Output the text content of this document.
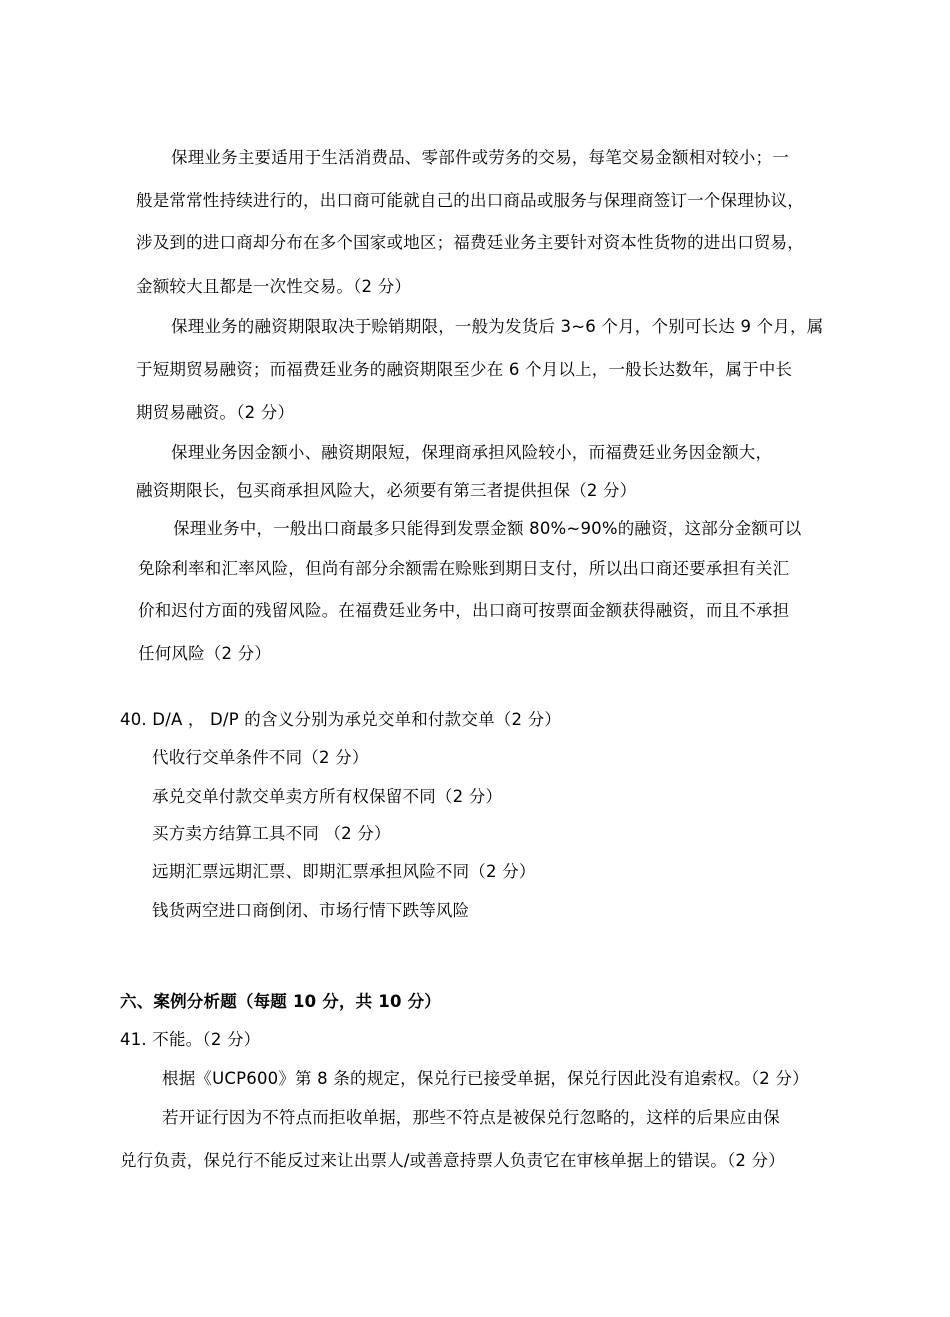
保理业务主要适用于生活消费品、零部件或劳务的交易，每笔交易金额相对较小；一
般是常常性持续进行的，出口商可能就自己的出口商品或服务与保理商签订一个保理协议，
涉及到的进口商却分布在多个国家或地区；福费廷业务主要针对资本性货物的进出口贸易，
金额较大且都是一次性交易。（2 分）
保理业务的融资期限取决于赊销期限，一般为发货后 3~6 个月，个别可长达 9 个月，属
于短期贸易融资；而福费廷业务的融资期限至少在 6 个月以上，一般长达数年，属于中长
期贸易融资。（2 分）
保理业务因金额小、融资期限短，保理商承担风险较小，而福费廷业务因金额大，
融资期限长，包买商承担风险大，必须要有第三者提供担保（2 分）
保理业务中，一般出口商最多只能得到发票金额 80%~90%的融资，这部分金额可以
免除利率和汇率风险，但尚有部分余额需在赊账到期日支付，所以出口商还要承担有关汇
价和迟付方面的残留风险。在福费廷业务中，出口商可按票面金额获得融资，而且不承担
任何风险（2 分）
40. D/A ， D/P 的含义分别为承兑交单和付款交单（2 分）
代收行交单条件不同（2 分）
承兑交单付款交单卖方所有权保留不同（2 分）
买方卖方结算工具不同 （2 分）
远期汇票远期汇票、即期汇票承担风险不同（2 分）
钱货两空进口商倒闭、市场行情下跌等风险
六、案例分析题（每题 10 分，共 10 分）
41. 不能。（2 分）
根据《UCP600》第 8 条的规定，保兑行已接受单据，保兑行因此没有追索权。（2 分）
若开证行因为不符点而拒收单据，那些不符点是被保兑行忽略的，这样的后果应由保
兑行负责，保兑行不能反过来让出票人/或善意持票人负责它在审核单据上的错误。（2 分）
